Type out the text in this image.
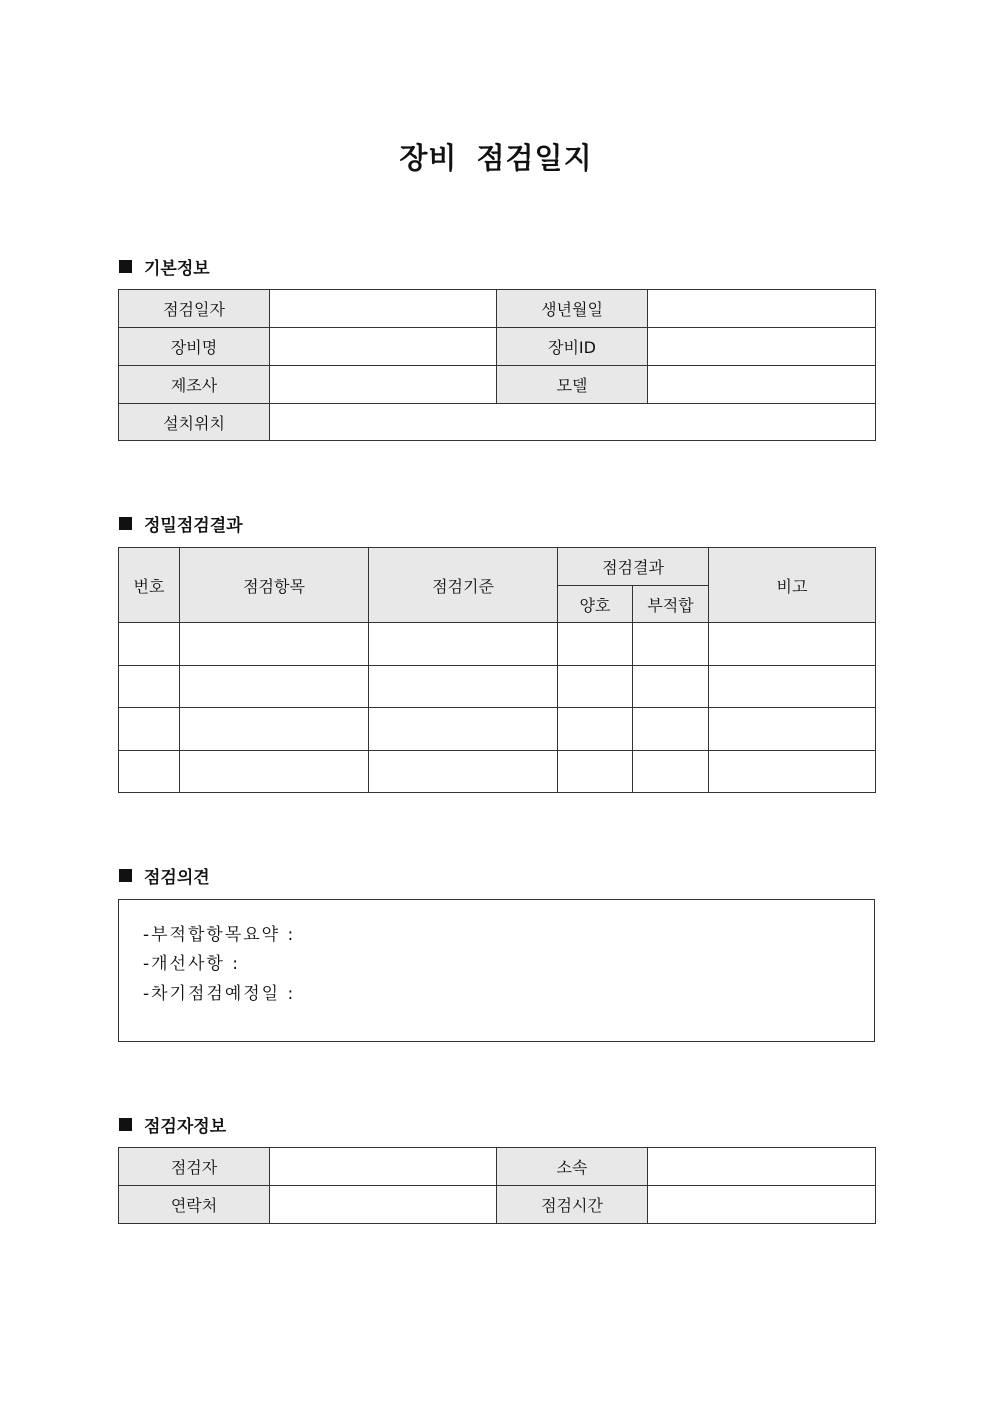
장비 점검일지
기본정보
점검일자		생년월일	
장비명		장비ID	
제조사		모델	
설치위치			
정밀점검결과
번호	점검항목	점검기준	점검결과		비고
			양호	부적합	

점검의견
-부적합항목요약 :
-개선사항 :
-차기점검예정일 :
점검자정보
점검자		소속	
연락처		점검시간	
